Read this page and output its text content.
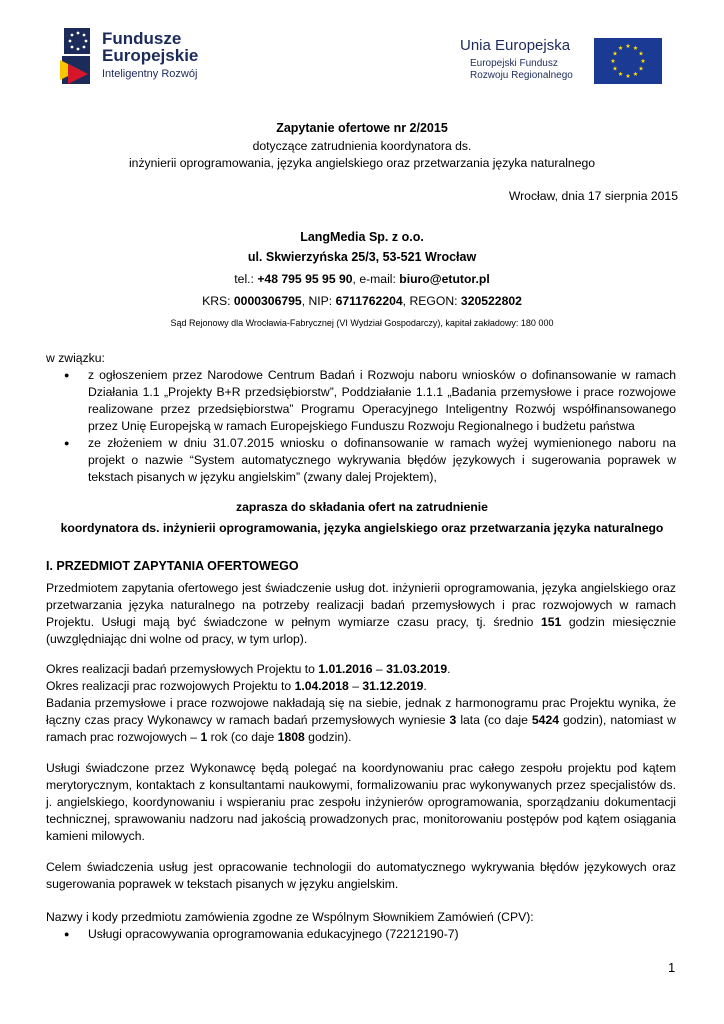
Fundusze
Europejskie
Inteligentny Rozwój
Unia Europejska
Europejski Fundusz
Rozwoju Regionalnego
Zapytanie ofertowe nr 2/2015
dotyczące zatrudnienia koordynatora ds.
inżynierii oprogramowania, języka angielskiego oraz przetwarzania języka naturalnego
Wrocław, dnia 17 sierpnia 2015
LangMedia Sp. z o.o.
ul. Skwierzyńska 25/3, 53-521 Wrocław
tel.: +48 795 95 95 90, e-mail: biuro@etutor.pl
KRS: 0000306795, NIP: 6711762204, REGON: 320522802
Sąd Rejonowy dla Wrocławia-Fabrycznej (VI Wydział Gospodarczy), kapitał zakładowy: 180 000
w związku:
● z ogłoszeniem przez Narodowe Centrum Badań i Rozwoju naboru wniosków o dofinansowanie w ramach Działania 1.1 „Projekty B+R przedsiębiorstw”, Poddziałanie 1.1.1 „Badania przemysłowe i prace rozwojowe realizowane przez przedsiębiorstwa” Programu Operacyjnego Inteligentny Rozwój współfinansowanego przez Unię Europejską w ramach Europejskiego Funduszu Rozwoju Regionalnego i budżetu państwa
● ze złożeniem w dniu 31.07.2015 wniosku o dofinansowanie w ramach wyżej wymienionego naboru na projekt o nazwie “System automatycznego wykrywania błędów językowych i sugerowania poprawek w tekstach pisanych w języku angielskim” (zwany dalej Projektem),
zaprasza do składania ofert na zatrudnienie
koordynatora ds. inżynierii oprogramowania, języka angielskiego oraz przetwarzania języka naturalnego
I. PRZEDMIOT ZAPYTANIA OFERTOWEGO
Przedmiotem zapytania ofertowego jest świadczenie usług dot. inżynierii oprogramowania, języka angielskiego oraz przetwarzania języka naturalnego na potrzeby realizacji badań przemysłowych i prac rozwojowych w ramach Projektu. Usługi mają być świadczone w pełnym wymiarze czasu pracy, tj. średnio 151 godzin miesięcznie (uwzględniając dni wolne od pracy, w tym urlop).

Okres realizacji badań przemysłowych Projektu to 1.01.2016 – 31.03.2019.

Okres realizacji prac rozwojowych Projektu to 1.04.2018 – 31.12.2019.

Badania przemysłowe i prace rozwojowe nakładają się na siebie, jednak z harmonogramu prac Projektu wynika, że łączny czas pracy Wykonawcy w ramach badań przemysłowych wyniesie 3 lata (co daje 5424 godzin), natomiast w ramach prac rozwojowych – 1 rok (co daje 1808 godzin).

Usługi świadczone przez Wykonawcę będą polegać na koordynowaniu prac całego zespołu projektu pod kątem merytorycznym, kontaktach z konsultantami naukowymi, formalizowaniu prac wykonywanych przez specjalistów ds. j. angielskiego, koordynowaniu i wspieraniu prac zespołu inżynierów oprogramowania, sporządzaniu dokumentacji technicznej, sprawowaniu nadzoru nad jakością prowadzonych prac, monitorowaniu postępów pod kątem osiągania kamieni milowych.
Celem świadczenia usług jest opracowanie technologii do automatycznego wykrywania błędów językowych oraz sugerowania poprawek w tekstach pisanych w języku angielskim.
Nazwy i kody przedmiotu zamówienia zgodne ze Wspólnym Słownikiem Zamówień (CPV):
● Usługi opracowywania oprogramowania edukacyjnego (72212190-7)
1
